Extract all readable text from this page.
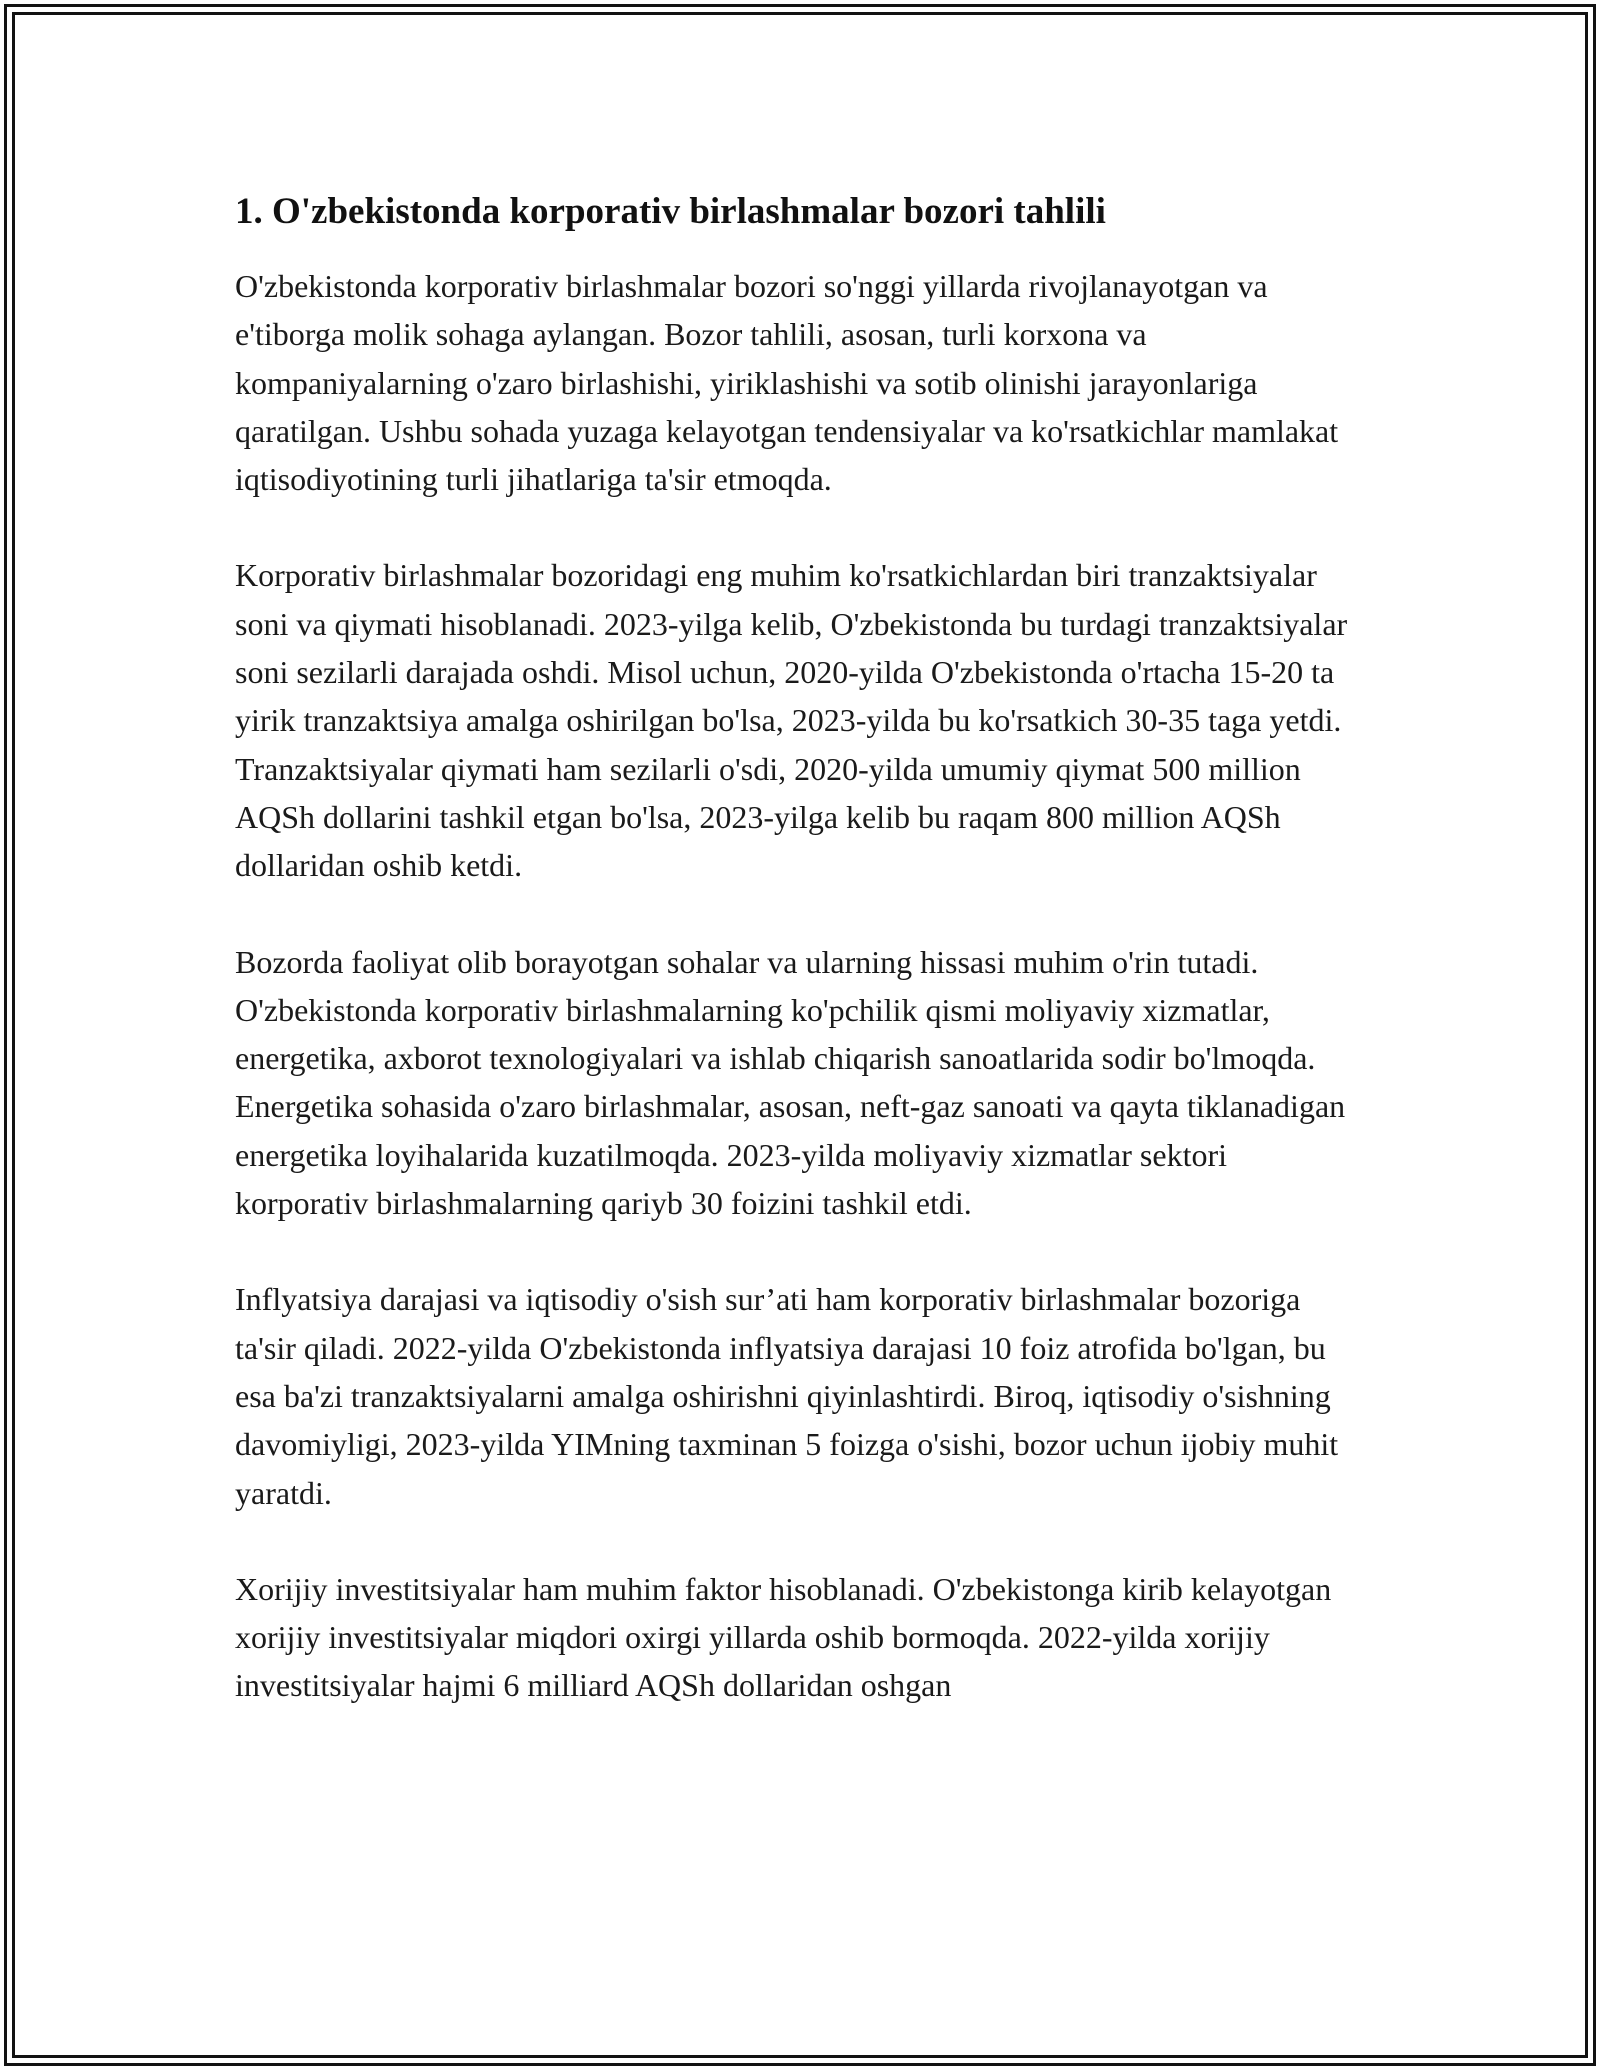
1. O'zbekistonda korporativ birlashmalar bozori tahlili

O'zbekistonda korporativ birlashmalar bozori so'nggi yillarda rivojlanayotgan va e'tiborga molik sohaga aylangan. Bozor tahlili, asosan, turli korxona va kompaniyalarning o'zaro birlashishi, yiriklashishi va sotib olinishi jarayonlariga qaratilgan. Ushbu sohada yuzaga kelayotgan tendensiyalar va ko'rsatkichlar mamlakat iqtisodiyotining turli jihatlariga ta'sir etmoqda.

Korporativ birlashmalar bozoridagi eng muhim ko'rsatkichlardan biri tranzaktsiyalar soni va qiymati hisoblanadi. 2023-yilga kelib, O'zbekistonda bu turdagi tranzaktsiyalar soni sezilarli darajada oshdi. Misol uchun, 2020-yilda O'zbekistonda o'rtacha 15-20 ta yirik tranzaktsiya amalga oshirilgan bo'lsa, 2023-yilda bu ko'rsatkich 30-35 taga yetdi. Tranzaktsiyalar qiymati ham sezilarli o'sdi, 2020-yilda umumiy qiymat 500 million AQSh dollarini tashkil etgan bo'lsa, 2023-yilga kelib bu raqam 800 million AQSh dollaridan oshib ketdi.

Bozorda faoliyat olib borayotgan sohalar va ularning hissasi muhim o'rin tutadi. O'zbekistonda korporativ birlashmalarning ko'pchilik qismi moliyaviy xizmatlar, energetika, axborot texnologiyalari va ishlab chiqarish sanoatlarida sodir bo'lmoqda. Energetika sohasida o'zaro birlashmalar, asosan, neft-gaz sanoati va qayta tiklanadigan energetika loyihalarida kuzatilmoqda. 2023-yilda moliyaviy xizmatlar sektori korporativ birlashmalarning qariyb 30 foizini tashkil etdi.

Inflyatsiya darajasi va iqtisodiy o'sish sur’ati ham korporativ birlashmalar bozoriga ta'sir qiladi. 2022-yilda O'zbekistonda inflyatsiya darajasi 10 foiz atrofida bo'lgan, bu esa ba'zi tranzaktsiyalarni amalga oshirishni qiyinlashtirdi. Biroq, iqtisodiy o'sishning davomiyligi, 2023-yilda YIMning taxminan 5 foizga o'sishi, bozor uchun ijobiy muhit yaratdi.

Xorijiy investitsiyalar ham muhim faktor hisoblanadi. O'zbekistonga kirib kelayotgan xorijiy investitsiyalar miqdori oxirgi yillarda oshib bormoqda. 2022-yilda xorijiy investitsiyalar hajmi 6 milliard AQSh dollaridan oshgan
